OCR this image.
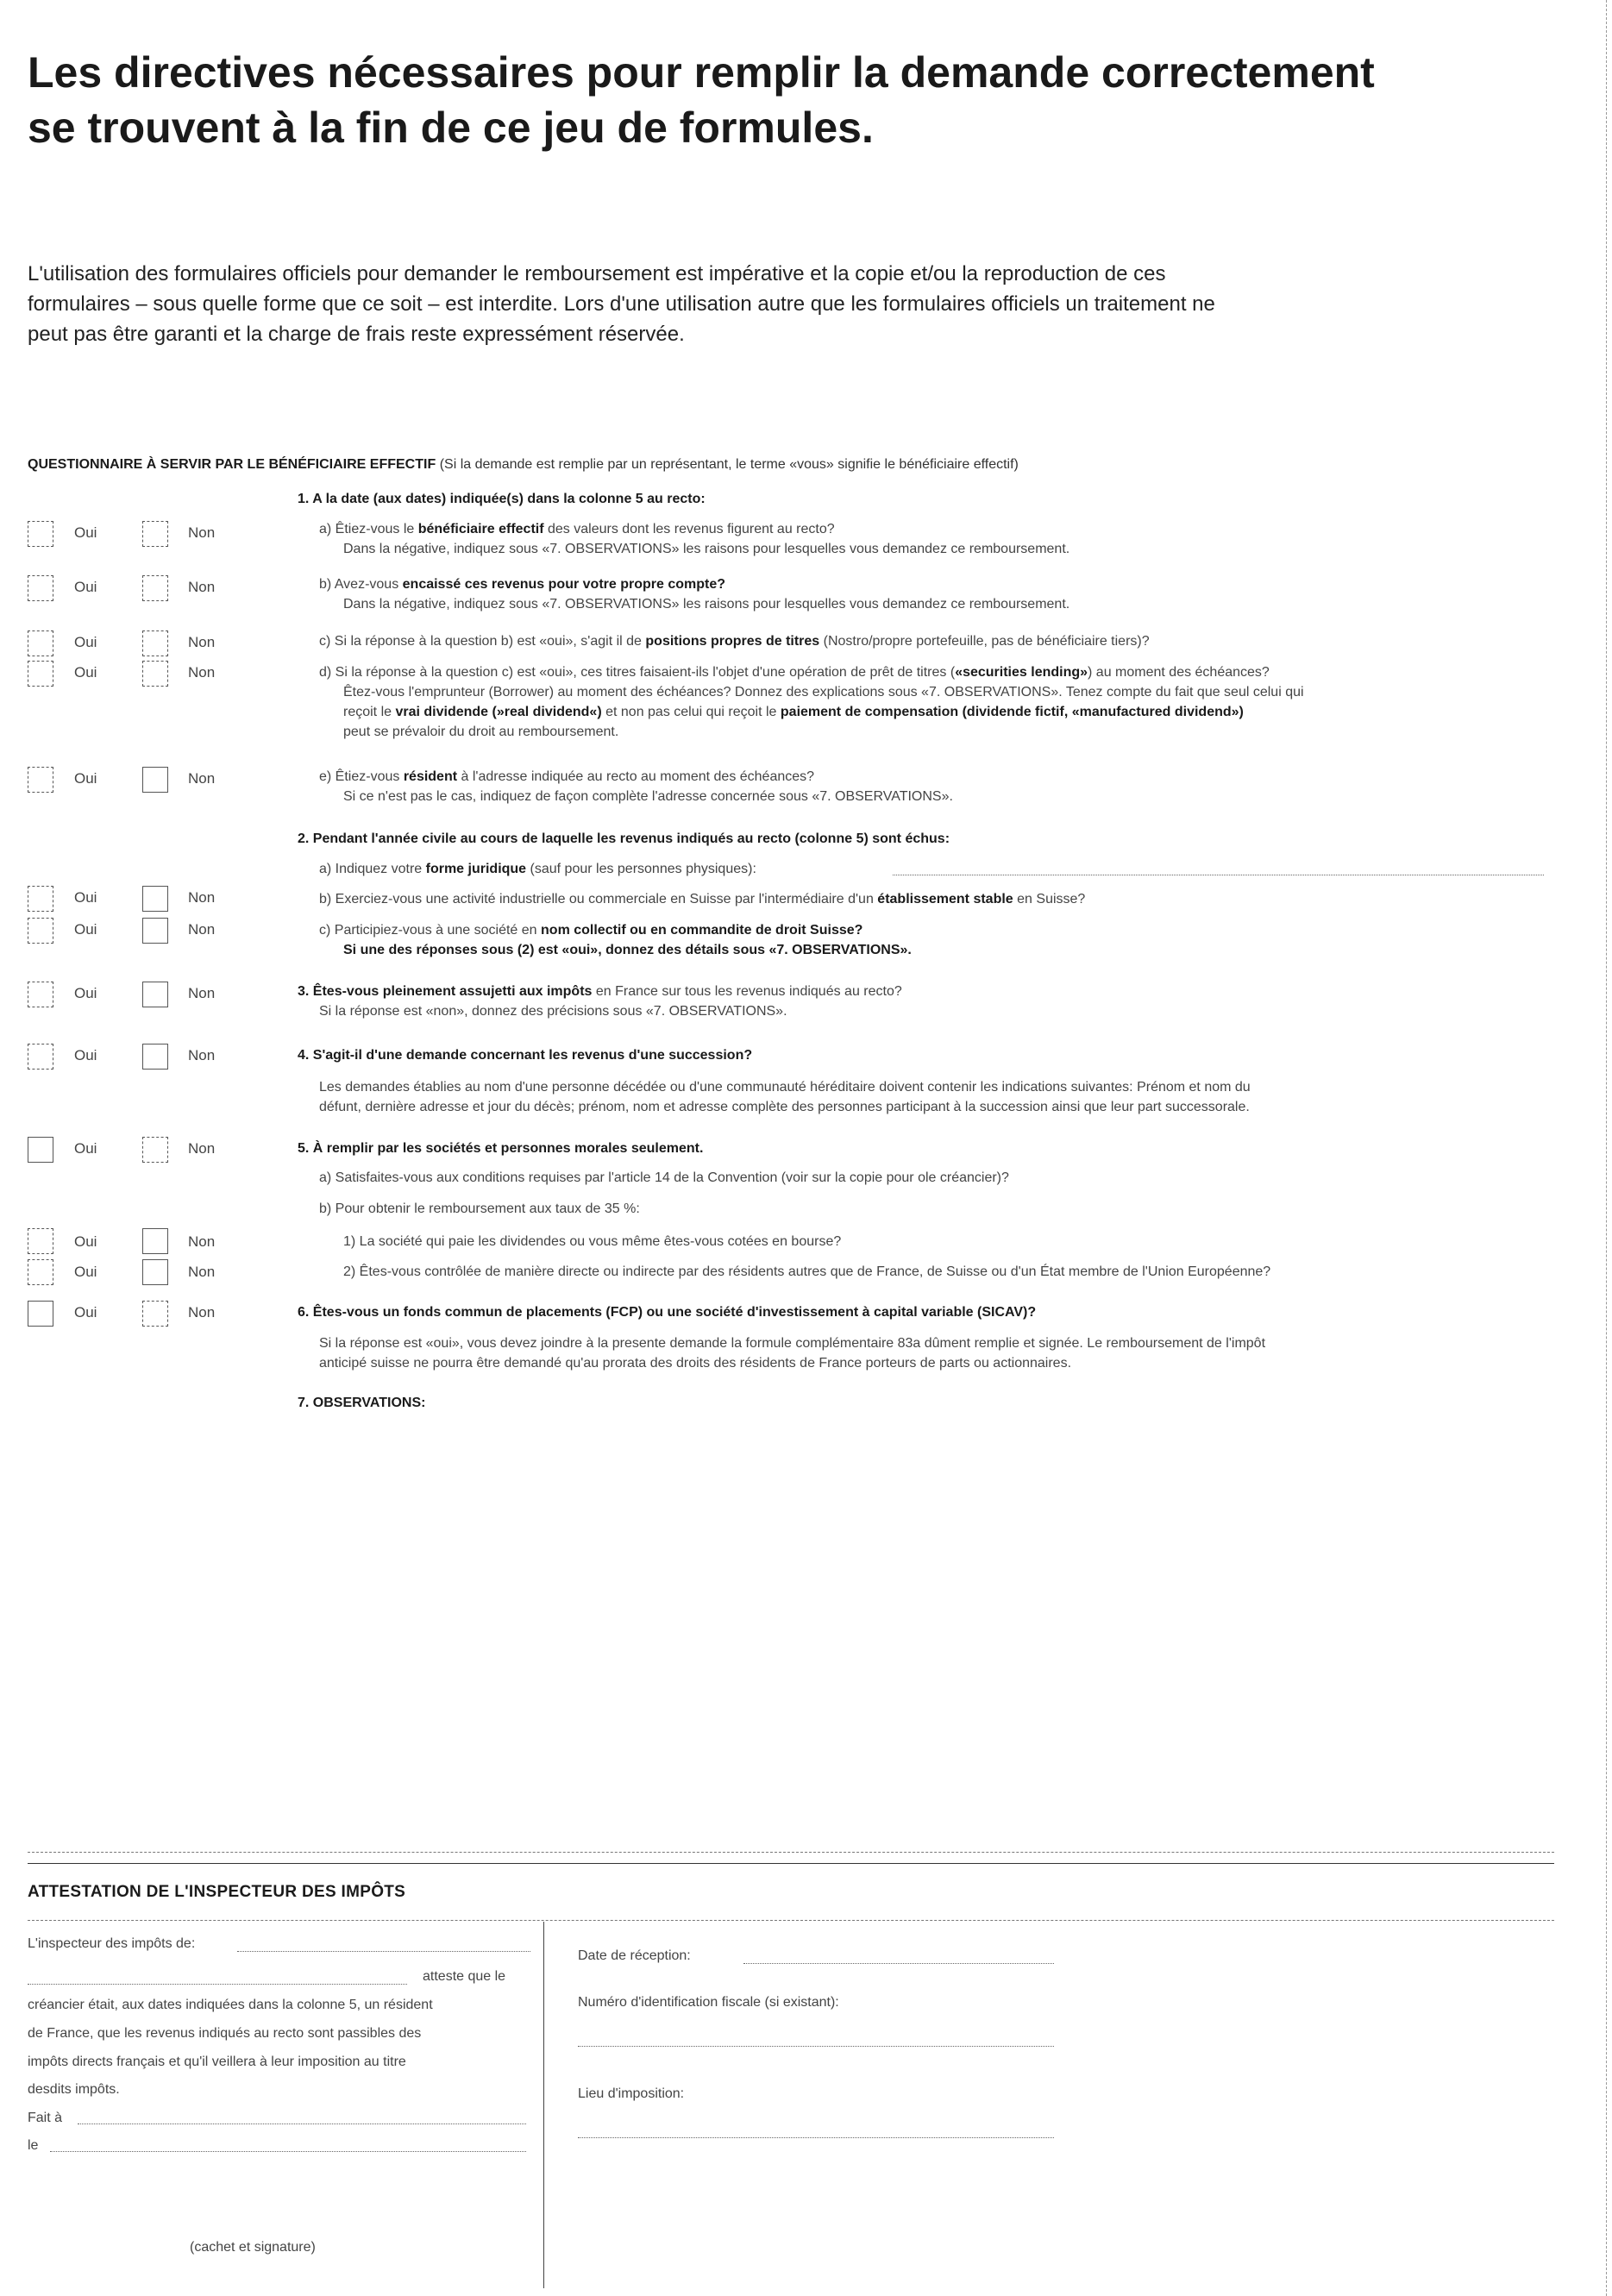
Les directives nécessaires pour remplir la demande correctement
se trouvent à la fin de ce jeu de formules.
L'utilisation des formulaires officiels pour demander le remboursement est impérative et la copie et/ou la reproduction de ces
formulaires – sous quelle forme que ce soit – est interdite. Lors d'une utilisation autre que les formulaires officiels un traitement ne
peut pas être garanti et la charge de frais reste expressément réservée.
QUESTIONNAIRE À SERVIR PAR LE BÉNÉFICIAIRE EFFECTIF (Si la demande est remplie par un représentant, le terme «vous» signifie le bénéficiaire effectif)
1. A la date (aux dates) indiquée(s) dans la colonne 5 au recto:
Oui	Non	a) Êtiez-vous le bénéficiaire effectif des valeurs dont les revenus figurent au recto?
Dans la négative, indiquez sous «7. OBSERVATIONS» les raisons pour lesquelles vous demandez ce remboursement.
Oui	Non	b) Avez-vous encaissé ces revenus pour votre propre compte?
Dans la négative, indiquez sous «7. OBSERVATIONS» les raisons pour lesquelles vous demandez ce remboursement.
Oui	Non	c) Si la réponse à la question b) est «oui», s'agit il de positions propres de titres (Nostro/propre portefeuille, pas de bénéficiaire tiers)?
Oui	Non	d) Si la réponse à la question c) est «oui», ces titres faisaient-ils l'objet d'une opération de prêt de titres («securities lending») au moment des échéances?
Êtez-vous l'emprunteur (Borrower) au moment des échéances? Donnez des explications sous «7. OBSERVATIONS». Tenez compte du fait que seul celui qui
reçoit le vrai dividende (»real dividend«) et non pas celui qui reçoit le paiement de compensation (dividende fictif, «manufactured dividend»)
peut se prévaloir du droit au remboursement.
Oui	Non	e) Êtiez-vous résident à l'adresse indiquée au recto au moment des échéances?
Si ce n'est pas le cas, indiquez de façon complète l'adresse concernée sous «7. OBSERVATIONS».
2. Pendant l'année civile au cours de laquelle les revenus indiqués au recto (colonne 5) sont échus:
a) Indiquez votre forme juridique (sauf pour les personnes physiques):
Oui	Non	b) Exerciez-vous une activité industrielle ou commerciale en Suisse par l'intermédiaire d'un établissement stable en Suisse?
Oui	Non	c) Participiez-vous à une société en nom collectif ou en commandite de droit Suisse?
Si une des réponses sous (2) est «oui», donnez des détails sous «7. OBSERVATIONS».
Oui	Non	3. Êtes-vous pleinement assujetti aux impôts en France sur tous les revenus indiqués au recto?
Si la réponse est «non», donnez des précisions sous «7. OBSERVATIONS».
Oui	Non	4. S'agit-il d'une demande concernant les revenus d'une succession?
Les demandes établies au nom d'une personne décédée ou d'une communauté héréditaire doivent contenir les indications suivantes: Prénom et nom du
défunt, dernière adresse et jour du décès; prénom, nom et adresse complète des personnes participant à la succession ainsi que leur part successorale.
Oui	Non	5. À remplir par les sociétés et personnes morales seulement.
a) Satisfaites-vous aux conditions requises par l'article 14 de la Convention (voir sur la copie pour ole créancier)?
b) Pour obtenir le remboursement aux taux de 35 %:
Oui	Non	1) La société qui paie les dividendes ou vous même êtes-vous cotées en bourse?
Oui	Non	2) Êtes-vous contrôlée de manière directe ou indirecte par des résidents autres que de France, de Suisse ou d'un État membre de l'Union Européenne?
Oui	Non	6. Êtes-vous un fonds commun de placements (FCP) ou une société d'investissement à capital variable (SICAV)?
Si la réponse est «oui», vous devez joindre à la presente demande la formule complémentaire 83a dûment remplie et signée. Le remboursement de l'impôt
anticipé suisse ne pourra être demandé qu'au prorata des droits des résidents de France porteurs de parts ou actionnaires.
7. OBSERVATIONS:
ATTESTATION DE L'INSPECTEUR DES IMPÔTS
L'inspecteur des impôts de:
atteste que le
créancier était, aux dates indiquées dans la colonne 5, un résident
de France, que les revenus indiqués au recto sont passibles des
impôts directs français et qu'il veillera à leur imposition au titre
desdits impôts.
Fait à
le
(cachet et signature)
Date de réception:
Numéro d'identification fiscale (si existant):
Lieu d'imposition:
